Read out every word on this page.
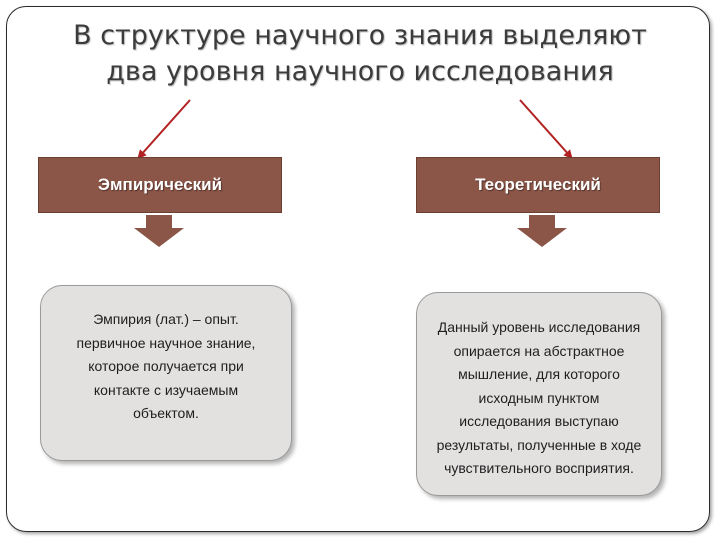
В структуре научного знания выделяют
два уровня научного исследования
Эмпирический	Теоретический
Эмпирия (лат.) – опыт.
первичное научное знание,
которое получается при
контакте с изучаемым
объектом.
Данный уровень исследования
опирается на абстрактное
мышление, для которого
исходным пунктом
исследования выступаю
результаты, полученные в ходе
чувствительного восприятия.
